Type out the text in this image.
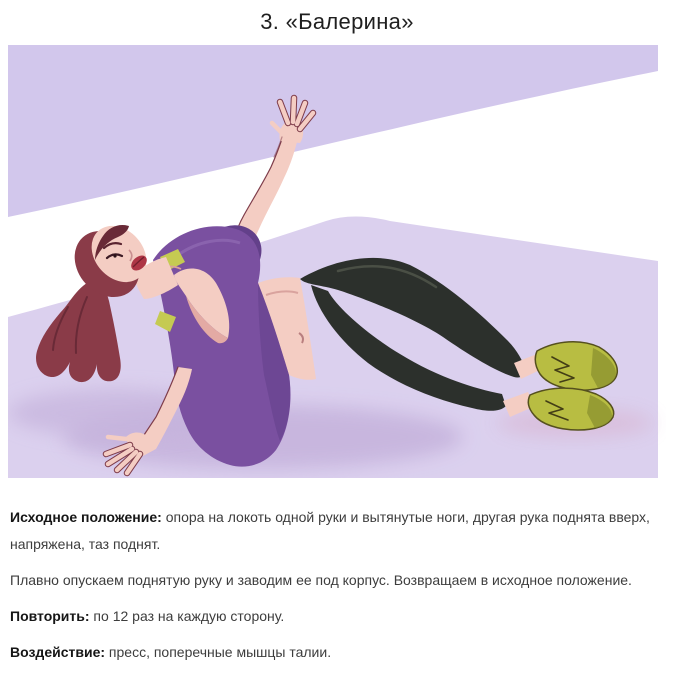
3. «Балерина»

Исходное положение: опора на локоть одной руки и вытянутые ноги, другая рука поднята вверх, напряжена, таз поднят.

Плавно опускаем поднятую руку и заводим ее под корпус. Возвращаем в исходное положение.

Повторить: по 12 раз на каждую сторону.

Воздействие: пресс, поперечные мышцы талии.
